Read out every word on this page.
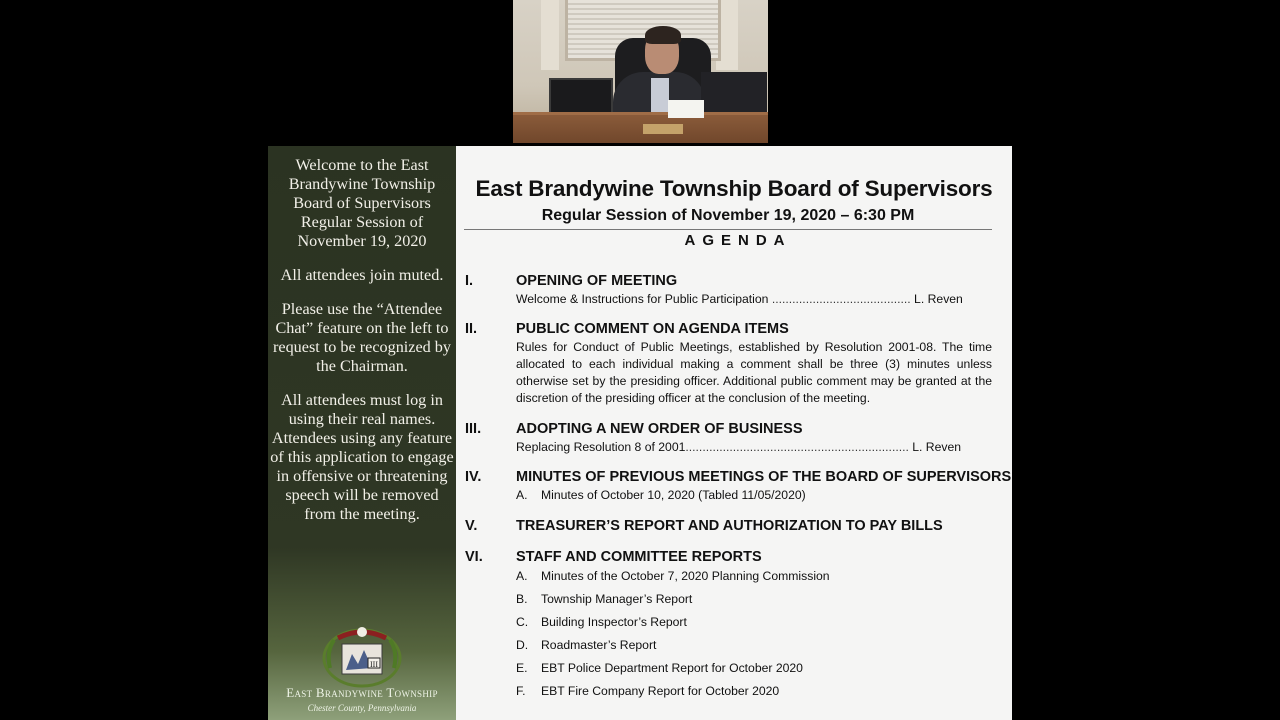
Welcome to the East Brandywine Township Board of Supervisors Regular Session of November 19, 2020

All attendees join muted.

Please use the “Attendee Chat” feature on the left to request to be recognized by the Chairman.

All attendees must log in using their real names. Attendees using any feature of this application to engage in offensive or threatening speech will be removed from the meeting.

III
East Brandywine Township
Chester County, Pennsylvania
East Brandywine Township Board of Supervisors
Regular Session of November 19, 2020 – 6:30 PM
AGENDA
I.	OPENING OF MEETING
Welcome & Instructions for Public Participation ......................................... L. Reven
II.	PUBLIC COMMENT ON AGENDA ITEMS
Rules for Conduct of Public Meetings, established by Resolution 2001-08. The time allocated to each individual making a comment shall be three (3) minutes unless otherwise set by the presiding officer. Additional public comment may be granted at the discretion of the presiding officer at the conclusion of the meeting.
III. ADOPTING A NEW ORDER OF BUSINESS
Replacing Resolution 8 of 2001.................................................................. L. Reven
IV. MINUTES OF PREVIOUS MEETINGS OF THE BOARD OF SUPERVISORS
A. Minutes of October 10, 2020 (Tabled 11/05/2020)
V.	TREASURER’S REPORT AND AUTHORIZATION TO PAY BILLS
VI. STAFF AND COMMITTEE REPORTS
A. Minutes of the October 7, 2020 Planning Commission
B. Township Manager’s Report
C. Building Inspector’s Report
D. Roadmaster’s Report
E. EBT Police Department Report for October 2020
F. EBT Fire Company Report for October 2020
